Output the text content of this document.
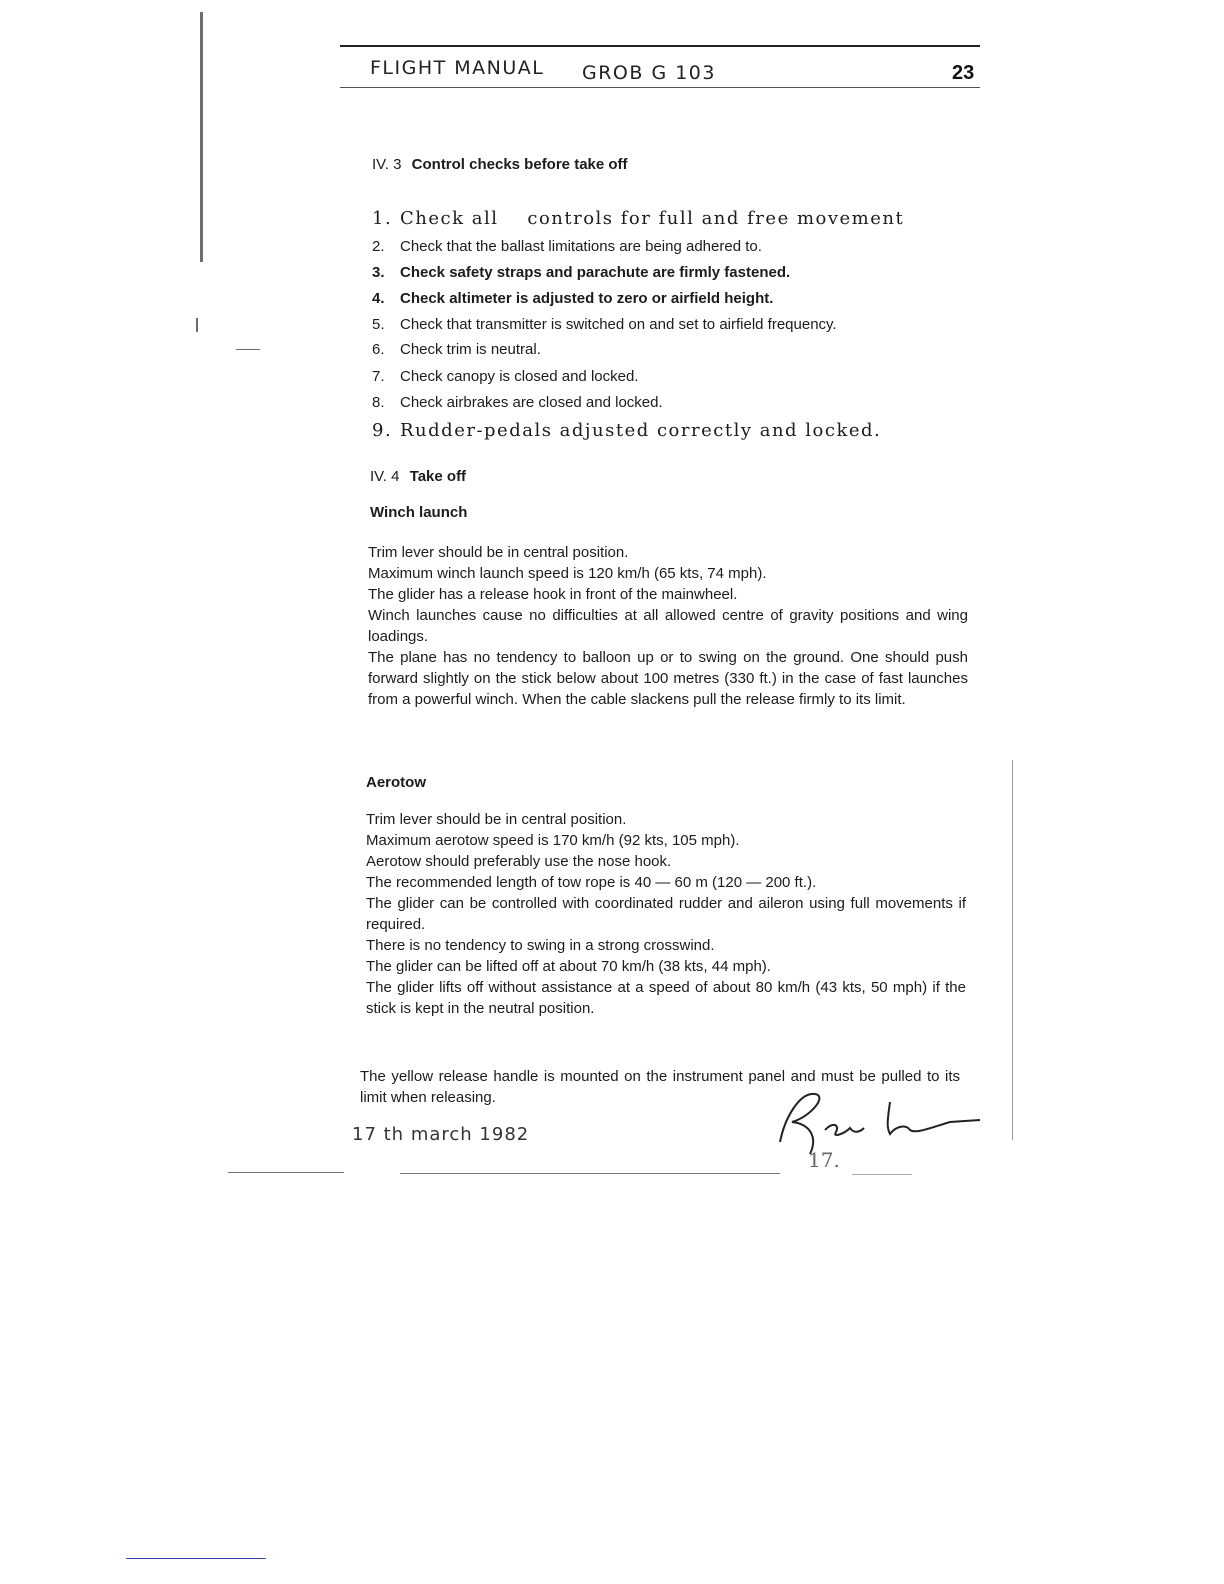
FLIGHT MANUAL GROB G 103	23
IV. 3 Control checks before take off
1. Check all    controls for full and free movement
2. Check that the ballast limitations are being adhered to.
3. Check safety straps and parachute are firmly fastened.
4. Check altimeter is adjusted to zero or airfield height.
5. Check that transmitter is switched on and set to airfield frequency.
6. Check trim is neutral.
7. Check canopy is closed and locked.
8. Check airbrakes are closed and locked.
9. Rudder-pedals adjusted correctly and locked.
IV. 4 Take off
Winch launch

Trim lever should be in central position.

Maximum winch launch speed is 120 km/h (65 kts, 74 mph).

The glider has a release hook in front of the mainwheel.

Winch launches cause no difficulties at all allowed centre of gravity positions and wing loadings.

The plane has no tendency to balloon up or to swing on the ground. One should push forward slightly on the stick below about 100 metres (330 ft.) in the case of fast launches from a powerful winch. When the cable slackens pull the release firmly to its limit.

Aerotow

Trim lever should be in central position.

Maximum aerotow speed is 170 km/h (92 kts, 105 mph).

Aerotow should preferably use the nose hook.

The recommended length of tow rope is 40 — 60 m (120 — 200 ft.).

The glider can be controlled with coordinated rudder and aileron using full movements if required.

There is no tendency to swing in a strong crosswind.

The glider can be lifted off at about 70 km/h (38 kts, 44 mph).

The glider lifts off without assistance at a speed of about 80 km/h (43 kts, 50 mph) if the stick is kept in the neutral position.

The yellow release handle is mounted on the instrument panel and must be pulled to its limit when releasing.
17 th march 1982
17.
